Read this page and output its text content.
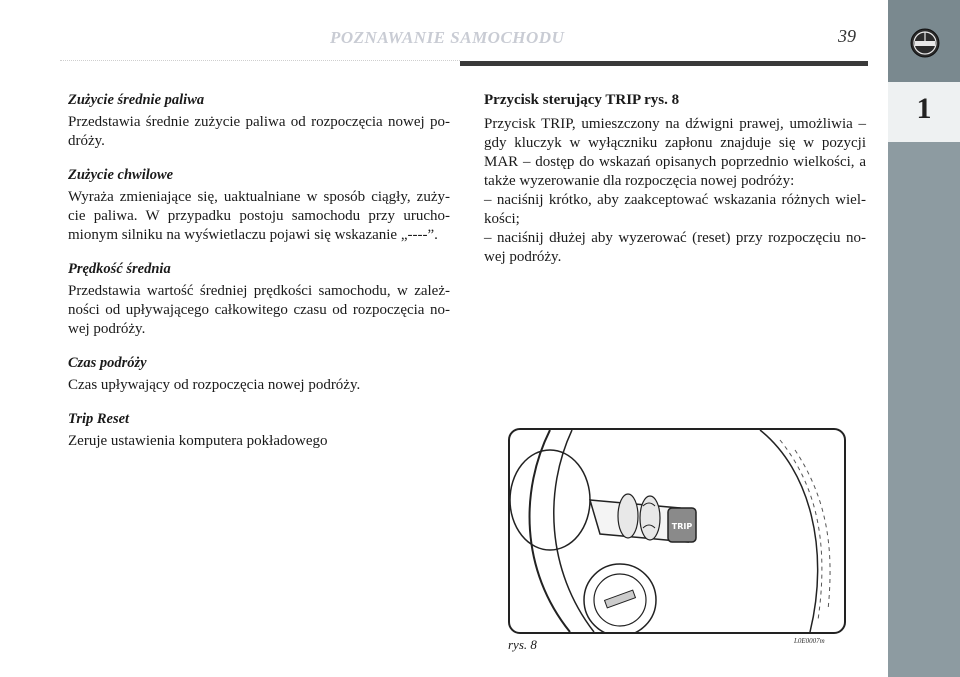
POZNAWANIE SAMOCHODU	39
1

Zużycie średnie paliwa

Przedstawia średnie zużycie paliwa od rozpoczęcia nowej po-dróży.

Zużycie chwilowe

Wyraża zmieniające się, uaktualniane w sposób ciągły, zuży-cie paliwa. W przypadku postoju samochodu przy urucho-mionym silniku na wyświetlaczu pojawi się wskazanie „----”.

Prędkość średnia

Przedstawia wartość średniej prędkości samochodu, w zależ-ności od upływającego całkowitego czasu od rozpoczęcia no-wej podróży.

Czas podróży

Czas upływający od rozpoczęcia nowej podróży.

Trip Reset

Zeruje ustawienia komputera pokładowego

Przycisk sterujący TRIP rys. 8

Przycisk TRIP, umieszczony na dźwigni prawej, umożliwia – gdy kluczyk w wyłączniku zapłonu znajduje się w pozycji MAR – dostęp do wskazań opisanych poprzednio wielkości, a także wyzerowanie dla rozpoczęcia nowej podróży:

– naciśnij krótko, aby zaakceptować wskazania różnych wiel-kości;

– naciśnij dłużej aby wyzerować (reset) przy rozpoczęciu no-wej podróży.

TRIP
rys. 8	L0E0007m
